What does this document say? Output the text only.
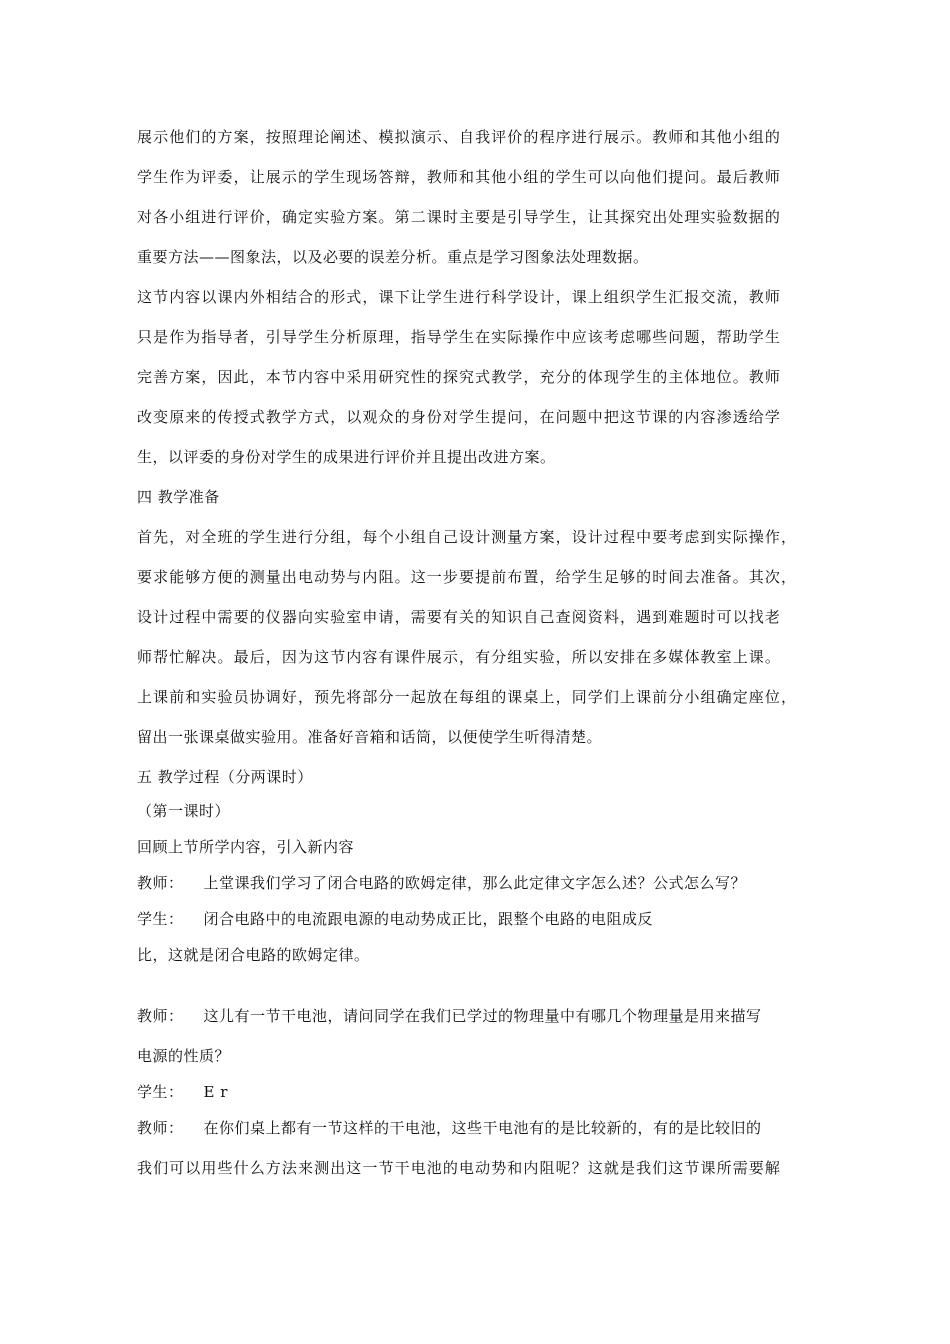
展示他们的方案，按照理论阐述、模拟演示、自我评价的程序进行展示。教师和其他小组的
学生作为评委，让展示的学生现场答辩，教师和其他小组的学生可以向他们提问。最后教师
对各小组进行评价，确定实验方案。第二课时主要是引导学生，让其探究出处理实验数据的
重要方法——图象法，以及必要的误差分析。重点是学习图象法处理数据。
这节内容以课内外相结合的形式，课下让学生进行科学设计，课上组织学生汇报交流，教师
只是作为指导者，引导学生分析原理，指导学生在实际操作中应该考虑哪些问题，帮助学生
完善方案，因此，本节内容中采用研究性的探究式教学，充分的体现学生的主体地位。教师
改变原来的传授式教学方式，以观众的身份对学生提问，在问题中把这节课的内容渗透给学
生，以评委的身份对学生的成果进行评价并且提出改进方案。
四 教学准备
首先，对全班的学生进行分组，每个小组自己设计测量方案，设计过程中要考虑到实际操作，
要求能够方便的测量出电动势与内阻。这一步要提前布置，给学生足够的时间去准备。其次，
设计过程中需要的仪器向实验室申请，需要有关的知识自己查阅资料，遇到难题时可以找老
师帮忙解决。最后，因为这节内容有课件展示，有分组实验，所以安排在多媒体教室上课。
上课前和实验员协调好，预先将部分一起放在每组的课桌上，同学们上课前分小组确定座位，
留出一张课桌做实验用。准备好音箱和话筒，以便使学生听得清楚。
五 教学过程（分两课时）
（第一课时）
回顾上节所学内容，引入新内容
教师： 上堂课我们学习了闭合电路的欧姆定律，那么此定律文字怎么述？公式怎么写？
学生： 闭合电路中的电流跟电源的电动势成正比，跟整个电路的电阻成反
比，这就是闭合电路的欧姆定律。
教师： 这儿有一节干电池，请问同学在我们已学过的物理量中有哪几个物理量是用来描写
电源的性质？
学生： E r
教师： 在你们桌上都有一节这样的干电池，这些干电池有的是比较新的，有的是比较旧的
我们可以用些什么方法来测出这一节干电池的电动势和内阻呢？这就是我们这节课所需要解
